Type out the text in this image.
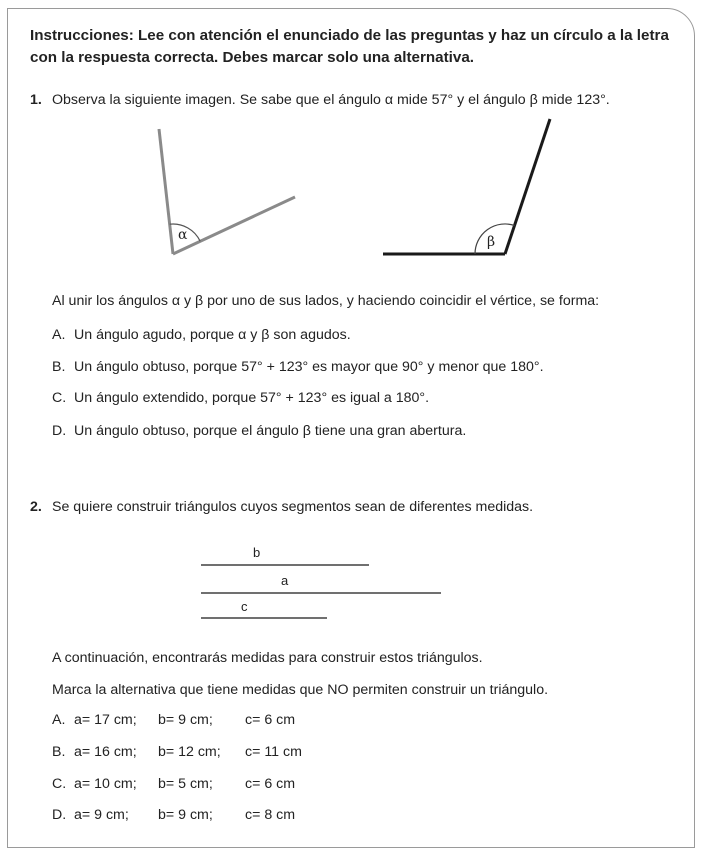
Instrucciones: Lee con atención el enunciado de las preguntas y haz un círculo a la letra con la respuesta correcta. Debes marcar solo una alternativa.
1. Observa la siguiente imagen. Se sabe que el ángulo α mide 57° y el ángulo β mide 123°.
α	β
Al unir los ángulos α y β por uno de sus lados, y haciendo coincidir el vértice, se forma:
A. Un ángulo agudo, porque α y β son agudos.
B. Un ángulo obtuso, porque 57° + 123° es mayor que 90° y menor que 180°.
C. Un ángulo extendido, porque 57° + 123° es igual a 180°.
D. Un ángulo obtuso, porque el ángulo β tiene una gran abertura.
2. Se quiere construir triángulos cuyos segmentos sean de diferentes medidas.
b
a
c
A continuación, encontrarás medidas para construir estos triángulos.
Marca la alternativa que tiene medidas que NO permiten construir un triángulo.
A. a= 17 cm; b= 9 cm; c= 6 cm
B. a= 16 cm; b= 12 cm; c= 11 cm
C. a= 10 cm; b= 5 cm; c= 6 cm
D. a= 9 cm; b= 9 cm; c= 8 cm
